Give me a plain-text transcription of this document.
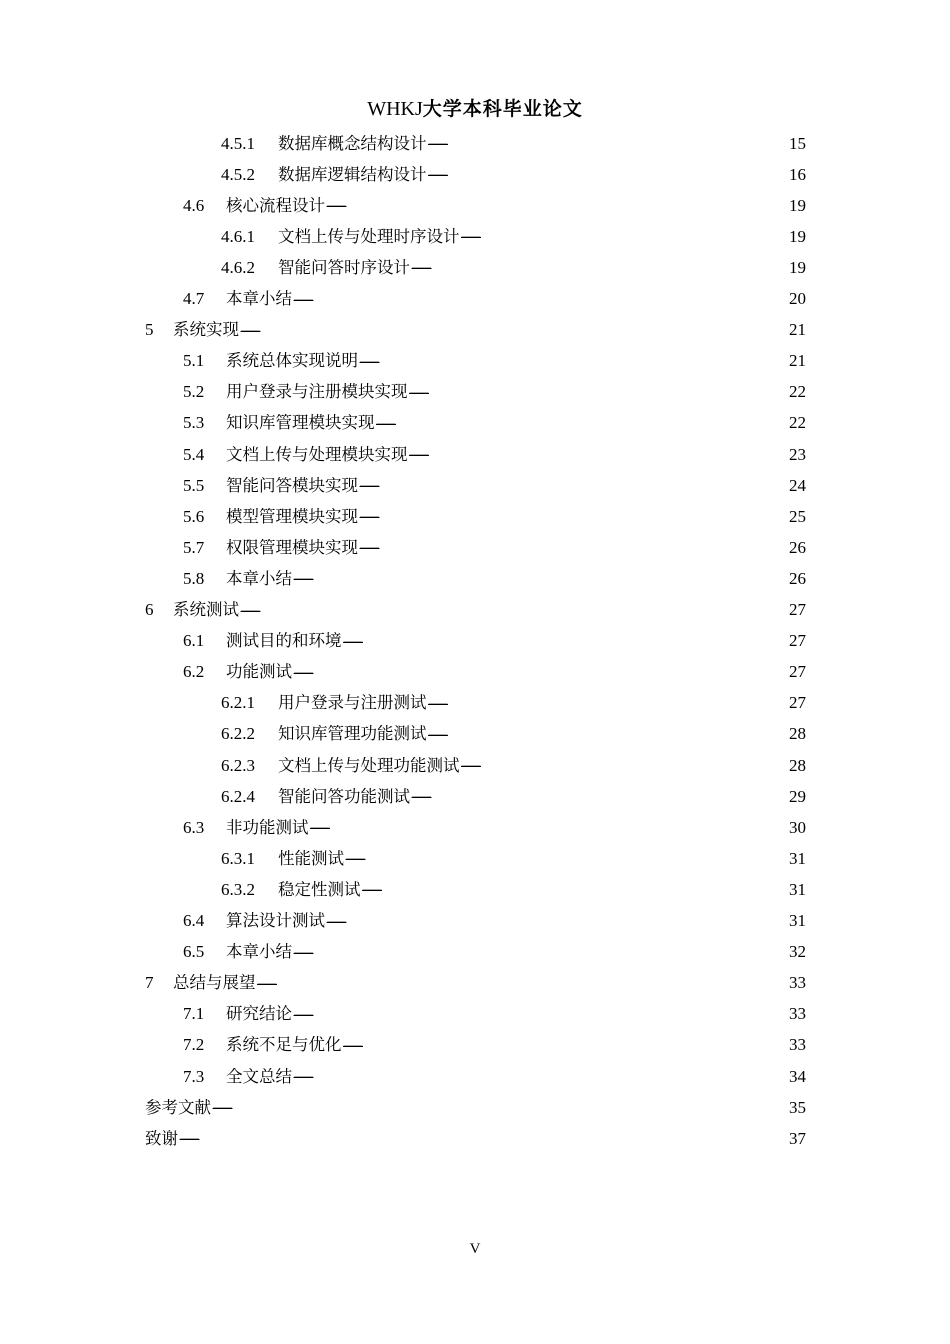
WHKJ大学本科毕业论文
4.5.1	数据库概念结构设计 . . .	15
4.5.2	数据库逻辑结构设计 . . .	16
4.6	核心流程设计 . . .	19
4.6.1	文档上传与处理时序设计 . . .	19
4.6.2	智能问答时序设计 . . .	19
4.7	本章小结 . . .	20
5	系统实现 . . .	21
5.1	系统总体实现说明 . . .	21
5.2	用户登录与注册模块实现 . . .	22
5.3	知识库管理模块实现 . . .	22
5.4	文档上传与处理模块实现 . . .	23
5.5	智能问答模块实现 . . .	24
5.6	模型管理模块实现 . . .	25
5.7	权限管理模块实现 . . .	26
5.8	本章小结 . . .	26
6	系统测试 . . .	27
6.1	测试目的和环境 . . .	27
6.2	功能测试 . . .	27
6.2.1	用户登录与注册测试 . . .	27
6.2.2	知识库管理功能测试 . . .	28
6.2.3	文档上传与处理功能测试 . . .	28
6.2.4	智能问答功能测试 . . .	29
6.3	非功能测试 . . .	30
6.3.1	性能测试 . . .	31
6.3.2	稳定性测试 . . .	31
6.4	算法设计测试 . . .	31
6.5	本章小结 . . .	32
7	总结与展望 . . .	33
7.1	研究结论 . . .	33
7.2	系统不足与优化 . . .	33
7.3	全文总结 . . .	34
参考文献 . . .	35
致谢 . . .	37
V
